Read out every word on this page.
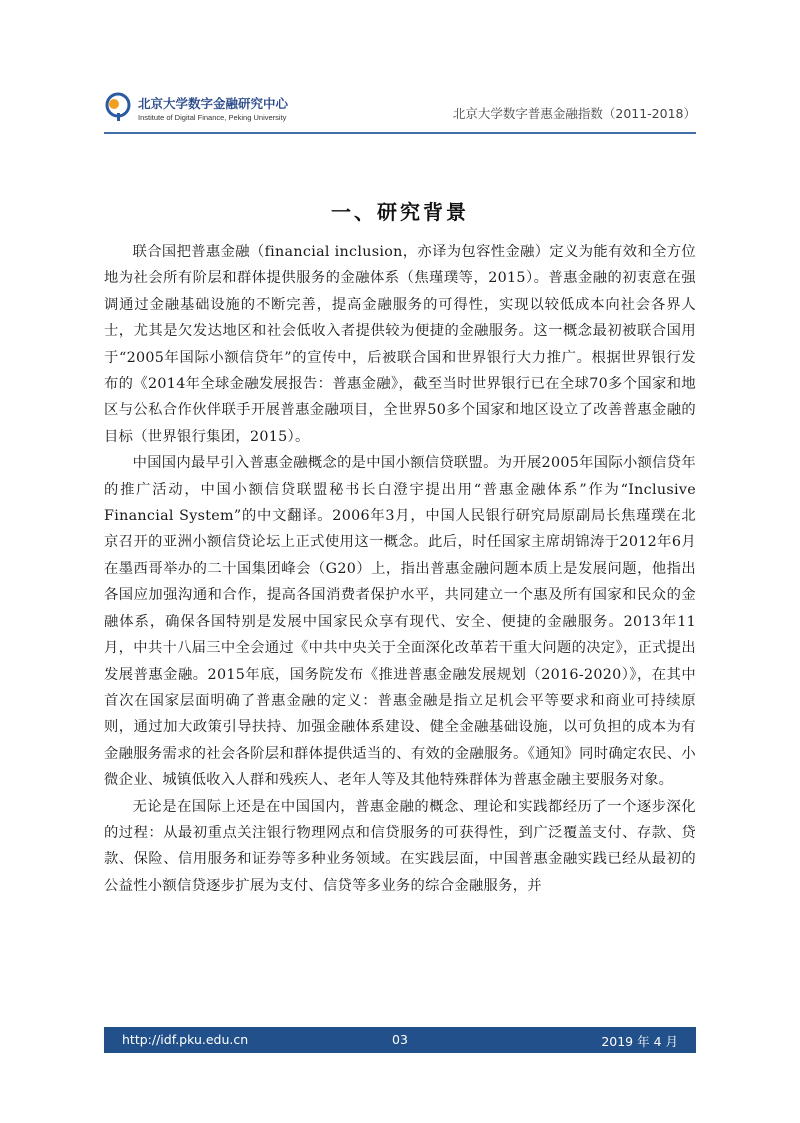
北京大学数字金融研究中心
Institute of Digital Finance, Peking University	北京大学数字普惠金融指数（2011-2018）
一、研究背景

联合国把普惠金融（financial inclusion，亦译为包容性金融）定义为能有效和全方位地为社会所有阶层和群体提供服务的金融体系（焦瑾璞等，2015）。普惠金融的初衷意在强调通过金融基础设施的不断完善，提高金融服务的可得性，实现以较低成本向社会各界人士，尤其是欠发达地区和社会低收入者提供较为便捷的金融服务。这一概念最初被联合国用于“2005年国际小额信贷年”的宣传中，后被联合国和世界银行大力推广。根据世界银行发布的《2014年全球金融发展报告：普惠金融》，截至当时世界银行已在全球70多个国家和地区与公私合作伙伴联手开展普惠金融项目，全世界50多个国家和地区设立了改善普惠金融的目标（世界银行集团，2015）。

中国国内最早引入普惠金融概念的是中国小额信贷联盟。为开展2005年国际小额信贷年的推广活动，中国小额信贷联盟秘书长白澄宇提出用“普惠金融体系”作为“Inclusive Financial System”的中文翻译。2006年3月，中国人民银行研究局原副局长焦瑾璞在北京召开的亚洲小额信贷论坛上正式使用这一概念。此后，时任国家主席胡锦涛于2012年6月在墨西哥举办的二十国集团峰会（G20）上，指出普惠金融问题本质上是发展问题，他指出各国应加强沟通和合作，提高各国消费者保护水平，共同建立一个惠及所有国家和民众的金融体系，确保各国特别是发展中国家民众享有现代、安全、便捷的金融服务。2013年11月，中共十八届三中全会通过《中共中央关于全面深化改革若干重大问题的决定》，正式提出发展普惠金融。2015年底，国务院发布《推进普惠金融发展规划（2016-2020）》，在其中首次在国家层面明确了普惠金融的定义：普惠金融是指立足机会平等要求和商业可持续原则，通过加大政策引导扶持、加强金融体系建设、健全金融基础设施，以可负担的成本为有金融服务需求的社会各阶层和群体提供适当的、有效的金融服务。《通知》同时确定农民、小微企业、城镇低收入人群和残疾人、老年人等及其他特殊群体为普惠金融主要服务对象。

无论是在国际上还是在中国国内，普惠金融的概念、理论和实践都经历了一个逐步深化的过程：从最初重点关注银行物理网点和信贷服务的可获得性，到广泛覆盖支付、存款、贷款、保险、信用服务和证券等多种业务领域。在实践层面，中国普惠金融实践已经从最初的公益性小额信贷逐步扩展为支付、信贷等多业务的综合金融服务，并

03
http://idf.pku.edu.cn	2019 年 4 月
